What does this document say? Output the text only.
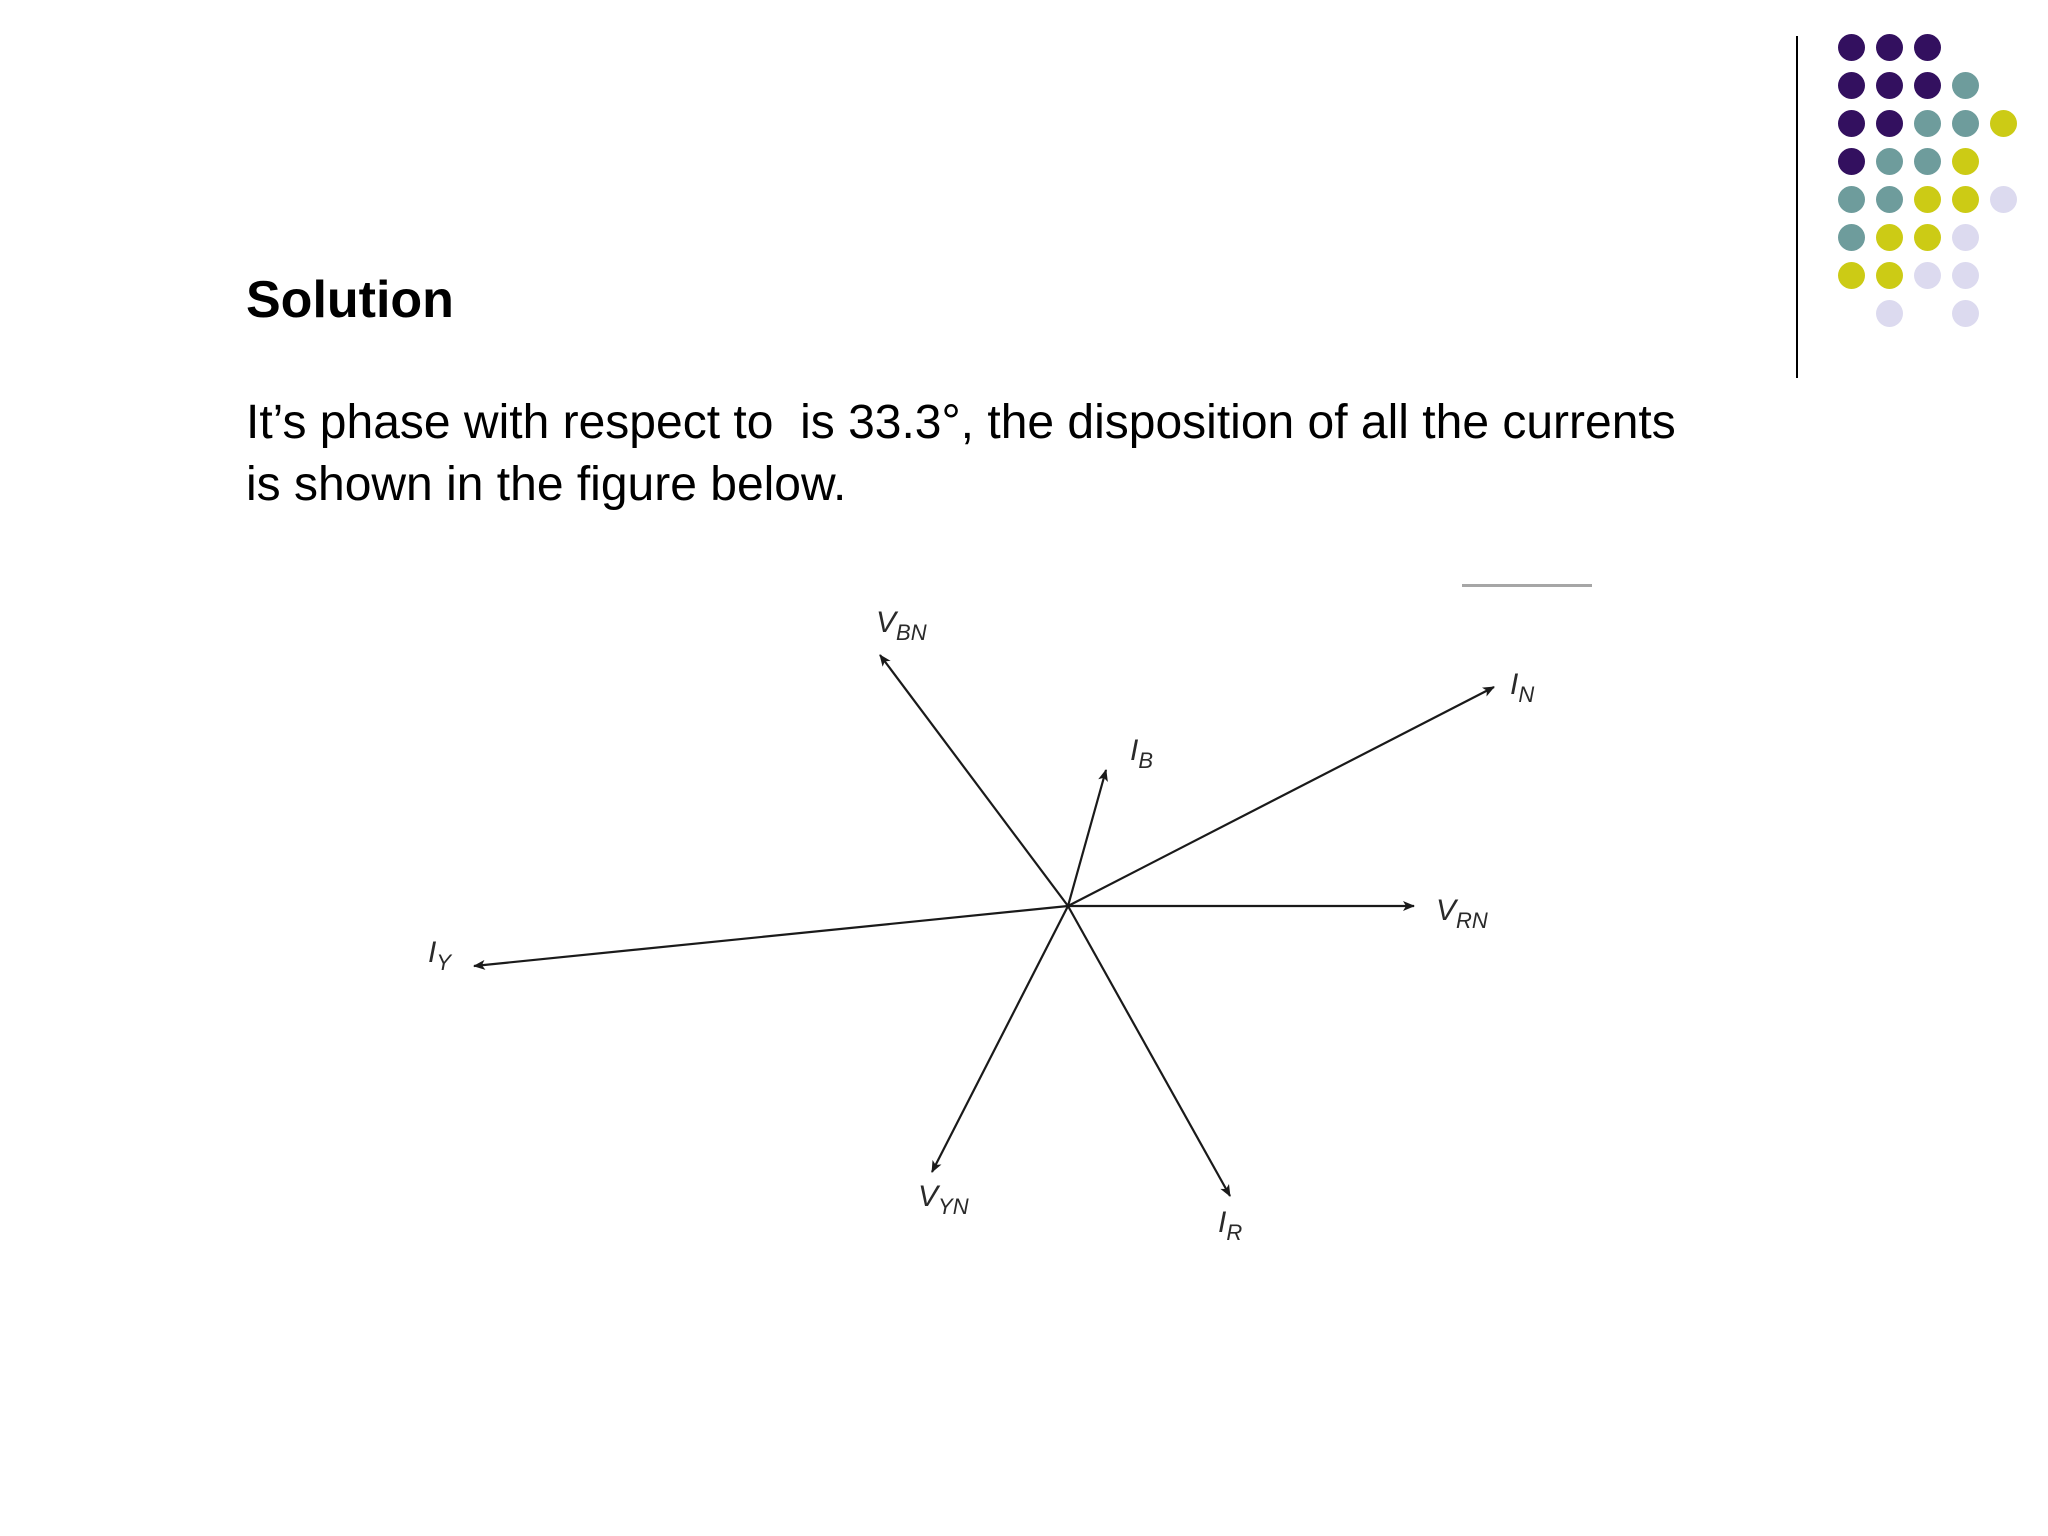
Solution

It’s phase with respect to  is 33.3°, the disposition of all the currents
is shown in the figure below.

$V_{BN}$
$I_N$
$I_B$
$V_{RN}$
$I_Y$
$V_{YN}$	$I_R$
